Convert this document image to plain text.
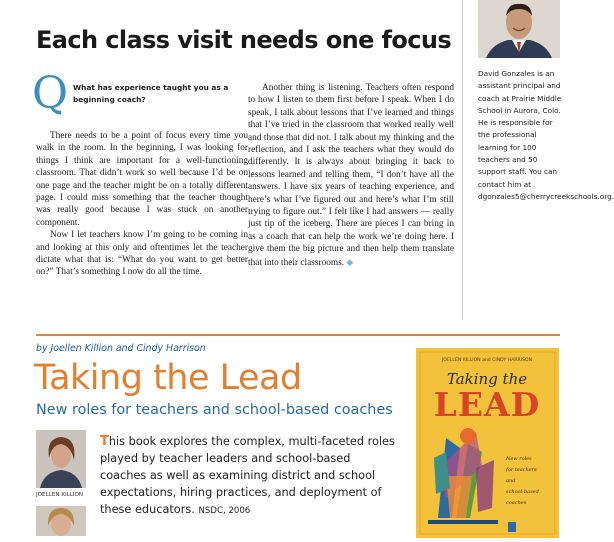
Each class visit needs one focus
Q What has experience taught you as a beginning coach?

There needs to be a point of focus every time you walk in the room. In the beginning, I was looking for things I think are important for a well-functioning classroom. That didn’t work so well because I’d be on one page and the teacher might be on a totally different page. I could miss something that the teacher thought was really good because I was stuck on another component.

Now I let teachers know I’m going to be coming in and looking at this only and oftentimes let the teacher dictate what that is: “What do you want to get better on?” That’s something I now do all the time.

Another thing is listening. Teachers often respond to how I listen to them first before I speak. When I do speak, I talk about lessons that I’ve learned and things that I’ve tried in the classroom that worked really well and those that did not. I talk about my thinking and the reflection, and I ask the teachers what they would do differently. It is always about bringing it back to lessons learned and telling them, “I don’t have all the answers. I have six years of teaching experience, and here’s what I’ve figured out and here’s what I’m still trying to figure out.” I felt like I had answers — really just tip of the iceberg. There are pieces I can bring in as a coach that can help the work we’re doing here. I give them the big picture and then help them translate that into their classrooms. ◆

David Gonzales is an assistant principal and coach at Prairie Middle School in Aurora, Colo. He is responsible for the professional learning for 100 teachers and 50 support staff. You can contact him at dgonzales5@cherrycreekschools.org.
by Joellen Killion and Cindy Harrison
Taking the Lead
New roles for teachers and school-based coaches
JOELLEN KILLION
This book explores the complex, multi-faceted roles played by teacher leaders and school-based coaches as well as examining district and school expectations, hiring practices, and deployment of these educators. NSDC, 2006
JOELLEN KILLION and CINDY HARRISON
Taking the
LEAD
New roles
for teachers
and
school-based
coaches
